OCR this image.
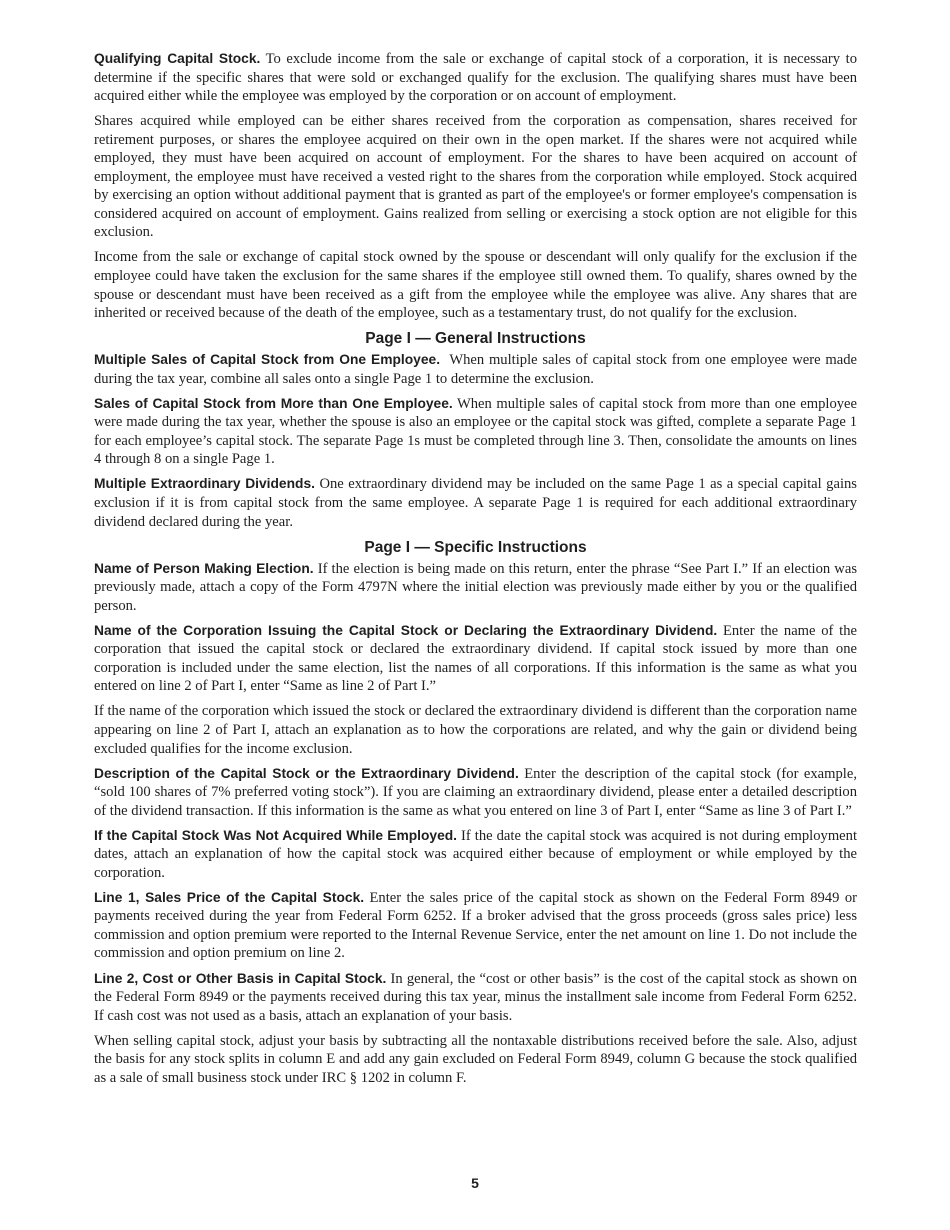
Qualifying Capital Stock. To exclude income from the sale or exchange of capital stock of a corporation, it is necessary to determine if the specific shares that were sold or exchanged qualify for the exclusion. The qualifying shares must have been acquired either while the employee was employed by the corporation or on account of employment.

Shares acquired while employed can be either shares received from the corporation as compensation, shares received for retirement purposes, or shares the employee acquired on their own in the open market. If the shares were not acquired while employed, they must have been acquired on account of employment. For the shares to have been acquired on account of employment, the employee must have received a vested right to the shares from the corporation while employed. Stock acquired by exercising an option without additional payment that is granted as part of the employee's or former employee's compensation is considered acquired on account of employment. Gains realized from selling or exercising a stock option are not eligible for this exclusion.

Income from the sale or exchange of capital stock owned by the spouse or descendant will only qualify for the exclusion if the employee could have taken the exclusion for the same shares if the employee still owned them. To qualify, shares owned by the spouse or descendant must have been received as a gift from the employee while the employee was alive. Any shares that are inherited or received because of the death of the employee, such as a testamentary trust, do not qualify for the exclusion.

Page I — General Instructions

Multiple Sales of Capital Stock from One Employee.  When multiple sales of capital stock from one employee were made during the tax year, combine all sales onto a single Page 1 to determine the exclusion.

Sales of Capital Stock from More than One Employee. When multiple sales of capital stock from more than one employee were made during the tax year, whether the spouse is also an employee or the capital stock was gifted, complete a separate Page 1 for each employee’s capital stock. The separate Page 1s must be completed through line 3. Then, consolidate the amounts on lines 4 through 8 on a single Page 1.

Multiple Extraordinary Dividends. One extraordinary dividend may be included on the same Page 1 as a special capital gains exclusion if it is from capital stock from the same employee. A separate Page 1 is required for each additional extraordinary dividend declared during the year.

Page I — Specific Instructions

Name of Person Making Election. If the election is being made on this return, enter the phrase “See Part I.” If an election was previously made, attach a copy of the Form 4797N where the initial election was previously made either by you or the qualified person.

Name of the Corporation Issuing the Capital Stock or Declaring the Extraordinary Dividend. Enter the name of the corporation that issued the capital stock or declared the extraordinary dividend. If capital stock issued by more than one corporation is included under the same election, list the names of all corporations. If this information is the same as what you entered on line 2 of Part I, enter “Same as line 2 of Part I.”

If the name of the corporation which issued the stock or declared the extraordinary dividend is different than the corporation name appearing on line 2 of Part I, attach an explanation as to how the corporations are related, and why the gain or dividend being excluded qualifies for the income exclusion.

Description of the Capital Stock or the Extraordinary Dividend. Enter the description of the capital stock (for example, “sold 100 shares of 7% preferred voting stock”). If you are claiming an extraordinary dividend, please enter a detailed description of the dividend transaction. If this information is the same as what you entered on line 3 of Part I, enter “Same as line 3 of Part I.”

If the Capital Stock Was Not Acquired While Employed. If the date the capital stock was acquired is not during employment dates, attach an explanation of how the capital stock was acquired either because of employment or while employed by the corporation.

Line 1, Sales Price of the Capital Stock. Enter the sales price of the capital stock as shown on the Federal Form 8949 or payments received during the year from Federal Form 6252. If a broker advised that the gross proceeds (gross sales price) less commission and option premium were reported to the Internal Revenue Service, enter the net amount on line 1. Do not include the commission and option premium on line 2.

Line 2, Cost or Other Basis in Capital Stock. In general, the “cost or other basis” is the cost of the capital stock as shown on the Federal Form 8949 or the payments received during this tax year, minus the installment sale income from Federal Form 6252. If cash cost was not used as a basis, attach an explanation of your basis.

When selling capital stock, adjust your basis by subtracting all the nontaxable distributions received before the sale. Also, adjust the basis for any stock splits in column E and add any gain excluded on Federal Form 8949, column G because the stock qualified as a sale of small business stock under IRC § 1202 in column F.

5
